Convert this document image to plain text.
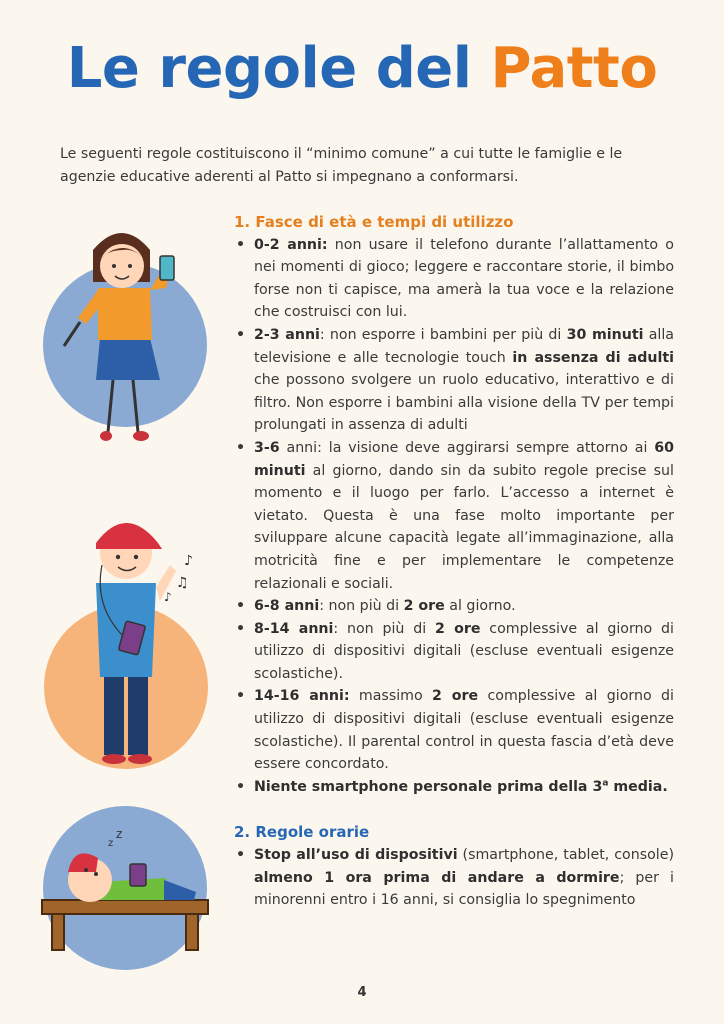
Le regole del Patto

Le seguenti regole costituiscono il “minimo comune” a cui tutte le famiglie e le agenzie educative aderenti al Patto si impegnano a conformarsi.

♪
♫
♪
z
z

1. Fasce di età e tempi di utilizzo

• 0-2 anni: non usare il telefono durante l’allattamento o nei momenti di gioco; leggere e raccontare storie, il bimbo forse non ti capisce, ma amerà la tua voce e la relazione che costruisci con lui.
• 2-3 anni: non esporre i bambini per più di 30 minuti alla televisione e alle tecnologie touch in assenza di adulti che possono svolgere un ruolo educativo, interattivo e di filtro. Non esporre i bambini alla visione della TV per tempi prolungati in assenza di adulti
• 3-6 anni: la visione deve aggirarsi sempre attorno ai 60 minuti al giorno, dando sin da subito regole precise sul momento e il luogo per farlo. L’accesso a internet è vietato. Questa è una fase molto importante per sviluppare alcune capacità legate all’immaginazione, alla motricità fine e per implementare le competenze relazionali e sociali.
• 6-8 anni: non più di 2 ore al giorno.
• 8-14 anni: non più di 2 ore complessive al giorno di utilizzo di dispositivi digitali (escluse eventuali esigenze scolastiche).
• 14-16 anni: massimo 2 ore complessive al giorno di utilizzo di dispositivi digitali (escluse eventuali esigenze scolastiche). Il parental control in questa fascia d’età deve essere concordato.
• Niente smartphone personale prima della 3$^a$ media.

2. Regole orarie

• Stop all’uso di dispositivi (smartphone, tablet, console) almeno 1 ora prima di andare a dormire; per i minorenni entro i 16 anni, si consiglia lo spegnimento
4
